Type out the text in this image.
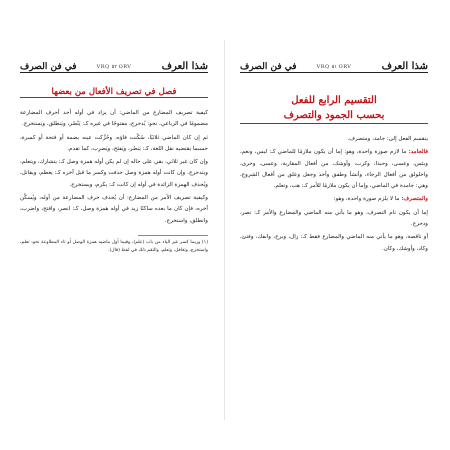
شذا العرف
VRQ ٥٢ ORV
في فن الصرف
فصل في تصريف الأفعال من بعضها

كيفية تصريف المضارع من الماضي: أن يزاد في أوله أحد أحرف المضارعة مضمومًا في الرباعي، نحو: يُدحرج، مفتوحًا في غيره كـ: يَنْصُر، ويَنطلق، ويَستخرج.

ثم إن كان الماضي ثلاثيًا، سُكّنت فاؤه، وحُرِّكت عينه بضمة أو فتحة أو كسرة، حسبما يقتضيه نقل اللغة، كـ: يَنصُر، ويَفتَح، ويَضرِب، كما تقدم.

وإن كان غير ثلاثي، بقي على حاله إن لم يكن أوله همزة وصل كـ: يتشارك، ويتعلم، ويتدحرج. وإن كانت أوله همزة وصل حذفت وكسر ما قبل آخره كـ: يعظم، ويقاتل، ويُحذف الهمزة الزائدة في أوله إن كانت كـ: يكرم، ويستخرج.

وكيفية تصريف الأمر من المضارع: أن يُحذف حرف المضارعة من أوله، ويُسكّن آخره، فإن كان ما بعده ساكنًا زيد في أوله همزة وصل، كـ: انصر، وافتح، واضرب، وانطلق، واستخرج.

(١) وربما كسر غير الياء من باب (علم)، وقيما أول ماضيه همزة الوصل أو تاء المطاوعة نحو: تعلم، واستخرج، وتغافل، وتعلم، والتقم ذلك في لفظ (قال).
شذا العرف
VRQ ٥١ ORV
في فن الصرف
التقسيم الرابع للفعل
بحسب الجمود والتصرف

ينقسم الفعل إلى: جامد، ومتصرف.

فالجامد: ما لازم صورة واحدة، وهو: إما أن يكون ملازمًا للماضي كـ: ليس، ونعم، وبئس، وعسى، وحبذا، وكرب، وأوشك، من أفعال المقاربة، وعسى، وحرى، واخلولق من أفعال الرجاء، وأنشأ وطفق وأخذ وجعل وعلق من أفعال الشروع، وهي: جامدة في الماضي، وإما أن يكون ملازمًا للأمر كـ: هب، وتعلم.

والمتصرف: ما لا يلزم صورة واحدة، وهو:

إما أن يكون تام التصرف، وهو ما يأتي منه الماضي والمضارع والأمر كـ: نصر، ودحرج.

أو ناقصة، وهو ما يأتي منه الماضي والمضارع فقط كـ: زال، وبرح، وانفك، وفتئ، وكاد، وأوشك، وكان.
